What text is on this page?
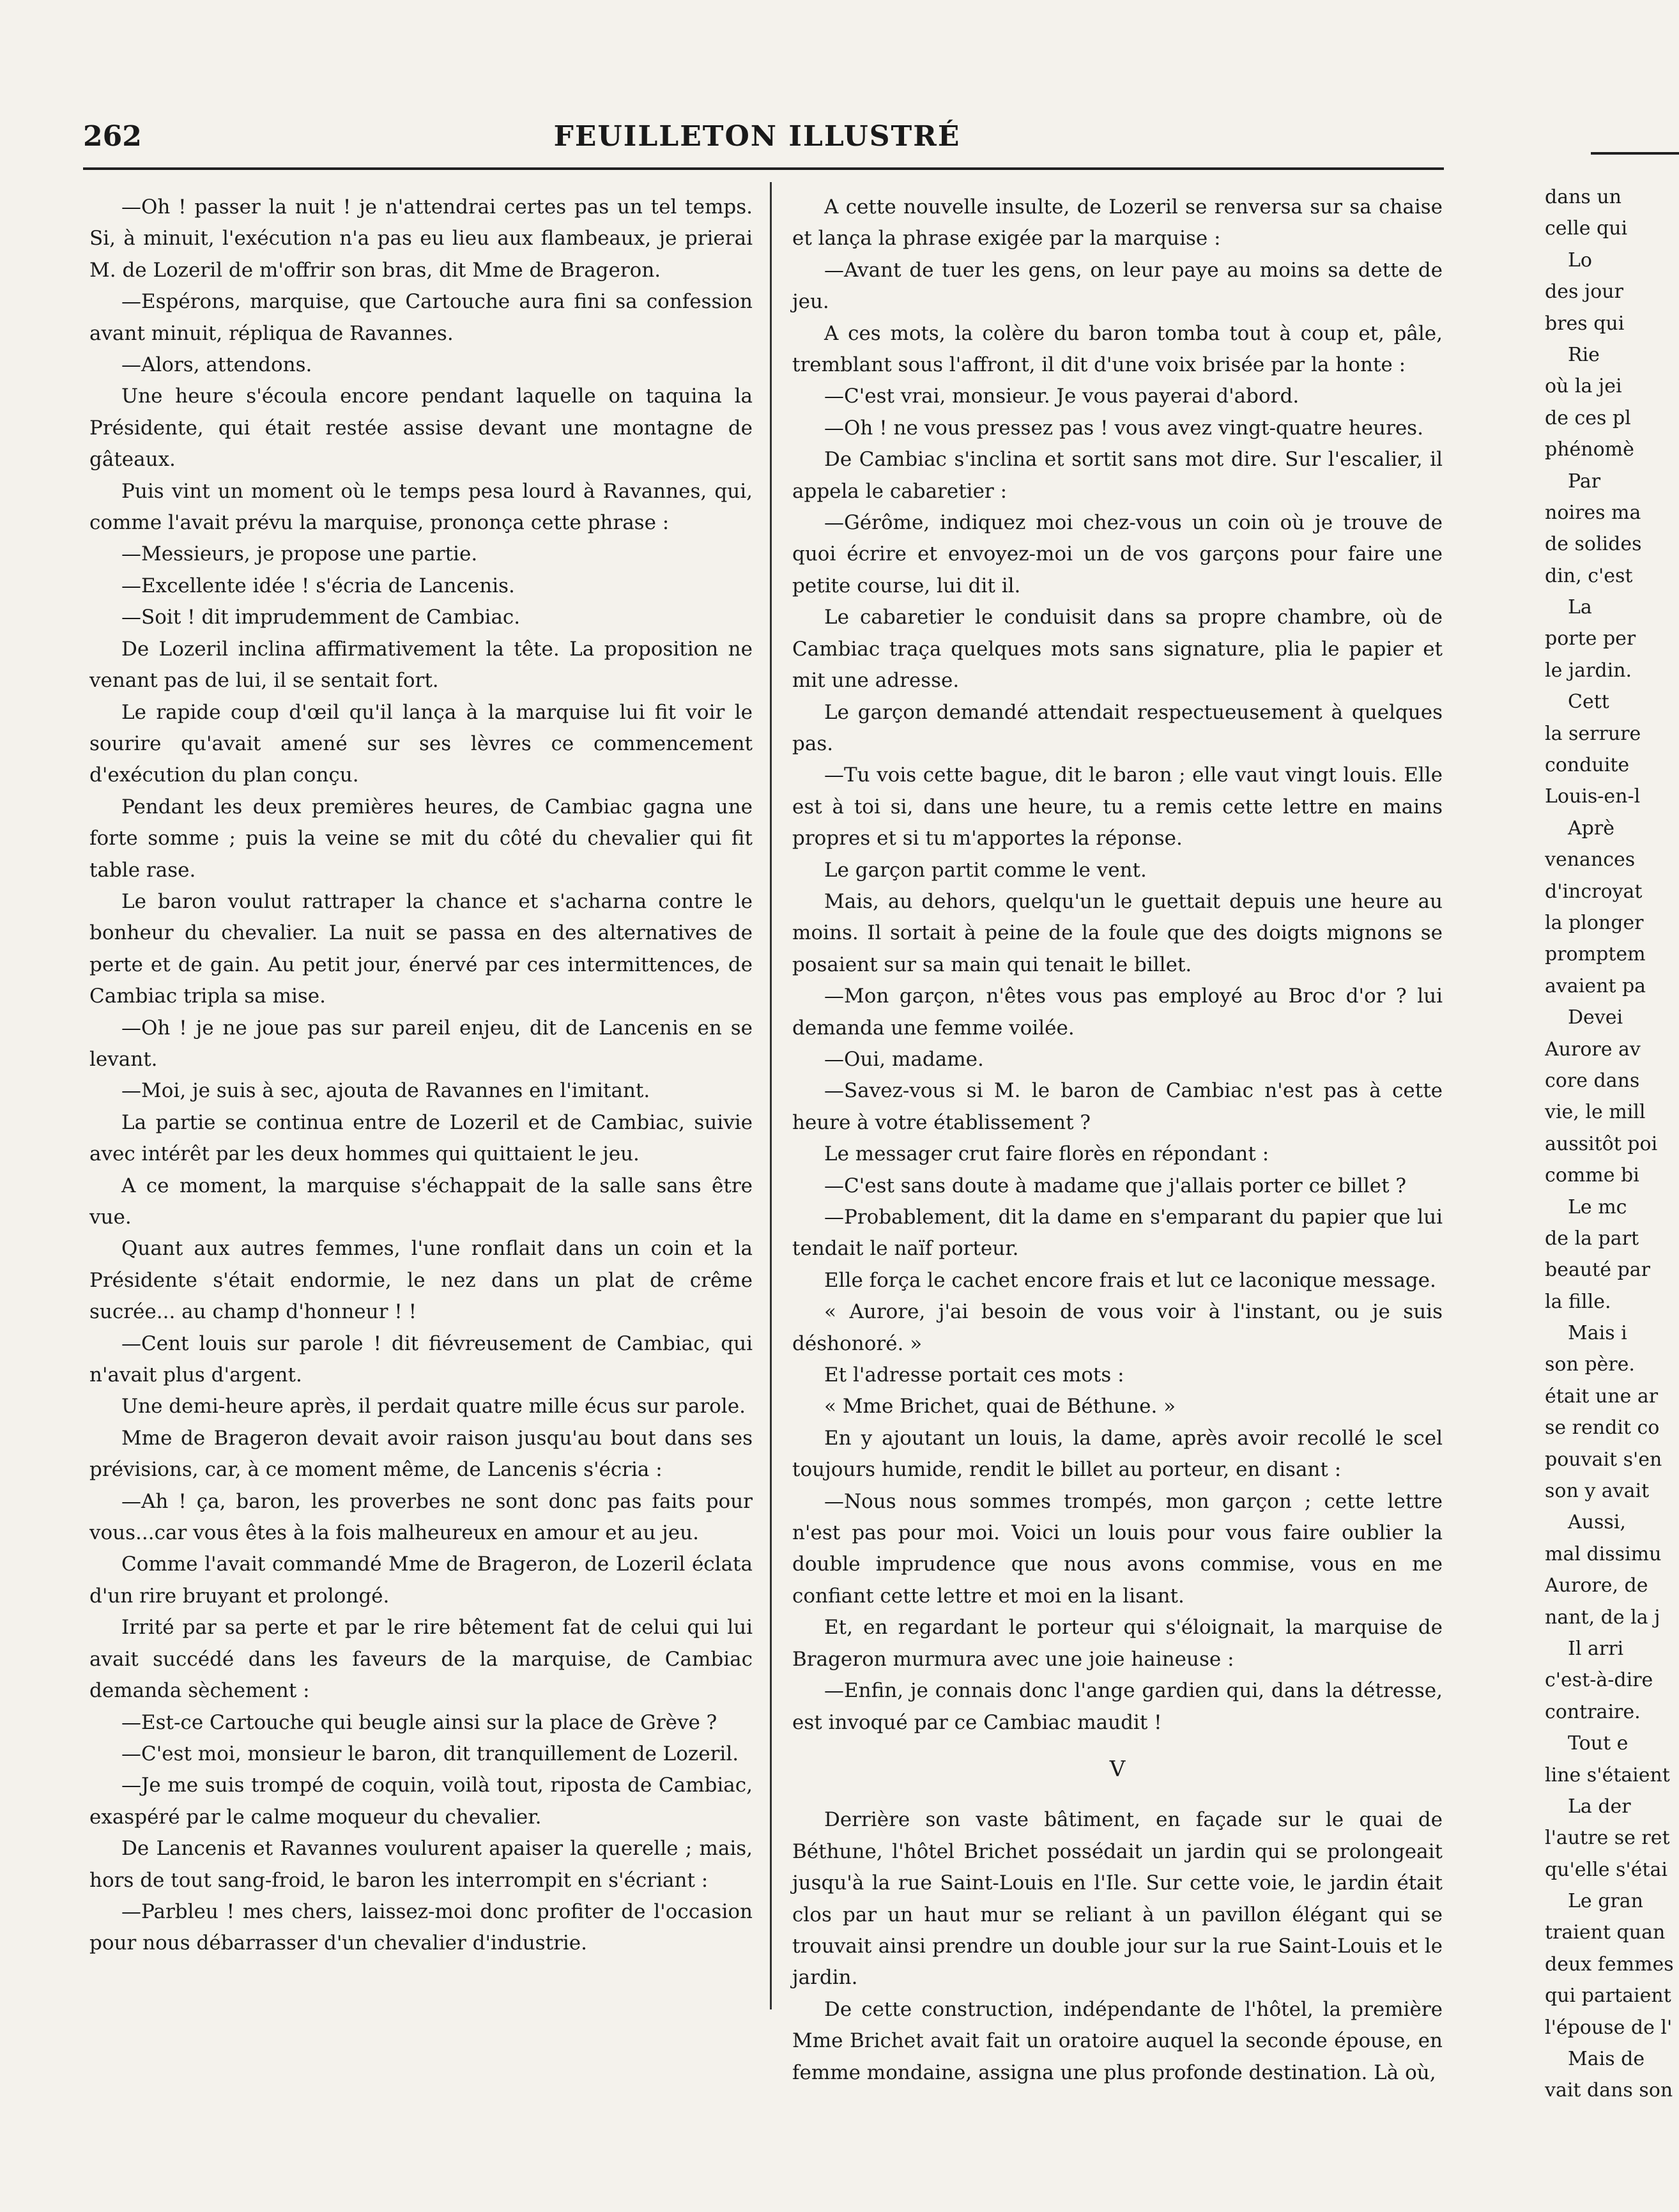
FEUILLETON ILLUSTRÉ
262

—Oh ! passer la nuit ! je n'attendrai certes pas un tel temps. Si, à minuit, l'exécution n'a pas eu lieu aux flambeaux, je prierai M. de Lozeril de m'offrir son bras, dit Mme de Brageron.

—Espérons, marquise, que Cartouche aura fini sa confession avant minuit, répliqua de Ravannes.

—Alors, attendons.

Une heure s'écoula encore pendant laquelle on taquina la Présidente, qui était restée assise devant une montagne de gâteaux.

Puis vint un moment où le temps pesa lourd à Ravannes, qui, comme l'avait prévu la marquise, prononça cette phrase :

—Messieurs, je propose une partie.

—Excellente idée ! s'écria de Lancenis.

—Soit ! dit imprudemment de Cambiac.

De Lozeril inclina affirmativement la tête. La proposition ne venant pas de lui, il se sentait fort.

Le rapide coup d'œil qu'il lança à la marquise lui fit voir le sourire qu'avait amené sur ses lèvres ce commencement d'exécution du plan conçu.

Pendant les deux premières heures, de Cambiac gagna une forte somme ; puis la veine se mit du côté du chevalier qui fit table rase.

Le baron voulut rattraper la chance et s'acharna contre le bonheur du chevalier. La nuit se passa en des alternatives de perte et de gain. Au petit jour, énervé par ces intermittences, de Cambiac tripla sa mise.

—Oh ! je ne joue pas sur pareil enjeu, dit de Lancenis en se levant.

—Moi, je suis à sec, ajouta de Ravannes en l'imitant.

La partie se continua entre de Lozeril et de Cambiac, suivie avec intérêt par les deux hommes qui quittaient le jeu.

A ce moment, la marquise s'échappait de la salle sans être vue.

Quant aux autres femmes, l'une ronflait dans un coin et la Présidente s'était endormie, le nez dans un plat de crême sucrée... au champ d'honneur ! !

—Cent louis sur parole ! dit fiévreusement de Cambiac, qui n'avait plus d'argent.

Une demi-heure après, il perdait quatre mille écus sur parole.

Mme de Brageron devait avoir raison jusqu'au bout dans ses prévisions, car, à ce moment même, de Lancenis s'écria :

—Ah ! ça, baron, les proverbes ne sont donc pas faits pour vous...car vous êtes à la fois malheureux en amour et au jeu.

Comme l'avait commandé Mme de Brageron, de Lozeril éclata d'un rire bruyant et prolongé.

Irrité par sa perte et par le rire bêtement fat de celui qui lui avait succédé dans les faveurs de la marquise, de Cambiac demanda sèchement :

—Est-ce Cartouche qui beugle ainsi sur la place de Grève ?

—C'est moi, monsieur le baron, dit tranquillement de Lozeril.

—Je me suis trompé de coquin, voilà tout, riposta de Cambiac, exaspéré par le calme moqueur du chevalier.

De Lancenis et Ravannes voulurent apaiser la querelle ; mais, hors de tout sang-froid, le baron les interrompit en s'écriant :

—Parbleu ! mes chers, laissez-moi donc profiter de l'occasion pour nous débarrasser d'un chevalier d'industrie.

A cette nouvelle insulte, de Lozeril se renversa sur sa chaise et lança la phrase exigée par la marquise :

—Avant de tuer les gens, on leur paye au moins sa dette de jeu.

A ces mots, la colère du baron tomba tout à coup et, pâle, tremblant sous l'affront, il dit d'une voix brisée par la honte :

—C'est vrai, monsieur. Je vous payerai d'abord.

—Oh ! ne vous pressez pas ! vous avez vingt-quatre heures.

De Cambiac s'inclina et sortit sans mot dire. Sur l'escalier, il appela le cabaretier :

—Gérôme, indiquez moi chez-vous un coin où je trouve de quoi écrire et envoyez-moi un de vos garçons pour faire une petite course, lui dit il.

Le cabaretier le conduisit dans sa propre chambre, où de Cambiac traça quelques mots sans signature, plia le papier et mit une adresse.

Le garçon demandé attendait respectueusement à quelques pas.

—Tu vois cette bague, dit le baron ; elle vaut vingt louis. Elle est à toi si, dans une heure, tu a remis cette lettre en mains propres et si tu m'apportes la réponse.

Le garçon partit comme le vent.

Mais, au dehors, quelqu'un le guettait depuis une heure au moins. Il sortait à peine de la foule que des doigts mignons se posaient sur sa main qui tenait le billet.

—Mon garçon, n'êtes vous pas employé au Broc d'or ? lui demanda une femme voilée.

—Oui, madame.

—Savez-vous si M. le baron de Cambiac n'est pas à cette heure à votre établissement ?

Le messager crut faire florès en répondant :

—C'est sans doute à madame que j'allais porter ce billet ?

—Probablement, dit la dame en s'emparant du papier que lui tendait le naïf porteur.

Elle força le cachet encore frais et lut ce laconique message.

« Aurore, j'ai besoin de vous voir à l'instant, ou je suis déshonoré. »

Et l'adresse portait ces mots :

« Mme Brichet, quai de Béthune. »

En y ajoutant un louis, la dame, après avoir recollé le scel toujours humide, rendit le billet au porteur, en disant :

—Nous nous sommes trompés, mon garçon ; cette lettre n'est pas pour moi. Voici un louis pour vous faire oublier la double imprudence que nous avons commise, vous en me confiant cette lettre et moi en la lisant.

Et, en regardant le porteur qui s'éloignait, la marquise de Brageron murmura avec une joie haineuse :

—Enfin, je connais donc l'ange gardien qui, dans la détresse, est invoqué par ce Cambiac maudit !

V

Derrière son vaste bâtiment, en façade sur le quai de Béthune, l'hôtel Brichet possédait un jardin qui se prolongeait jusqu'à la rue Saint-Louis en l'Ile. Sur cette voie, le jardin était clos par un haut mur se reliant à un pavillon élégant qui se trouvait ainsi prendre un double jour sur la rue Saint-Louis et le jardin.

De cette construction, indépendante de l'hôtel, la première Mme Brichet avait fait un oratoire auquel la seconde épouse, en femme mondaine, assigna une plus profonde destination. Là où,

dans un
celle qui
Lo
des jour
bres qui
Rie
où la jei
de ces pl
phénomè
Par
noires ma
de solides
din, c'est
La
porte per
le jardin.
Cett
la serrure
conduite
Louis-en-l
Aprè
venances
d'incroyat
la plonger
promptem
avaient pa
Devei
Aurore av
core dans
vie, le mill
aussitôt poi
comme bi
Le mc
de la part
beauté par
la fille.
Mais i
son père.
était une ar
se rendit co
pouvait s'en
son y avait
Aussi,
mal dissimu
Aurore, de
nant, de la j
Il arri
c'est-à-dire
contraire.
Tout e
line s'étaient
La der
l'autre se ret
qu'elle s'étai
Le gran
traient quan
deux femmes
qui partaient
l'épouse de l'
Mais de
vait dans son
